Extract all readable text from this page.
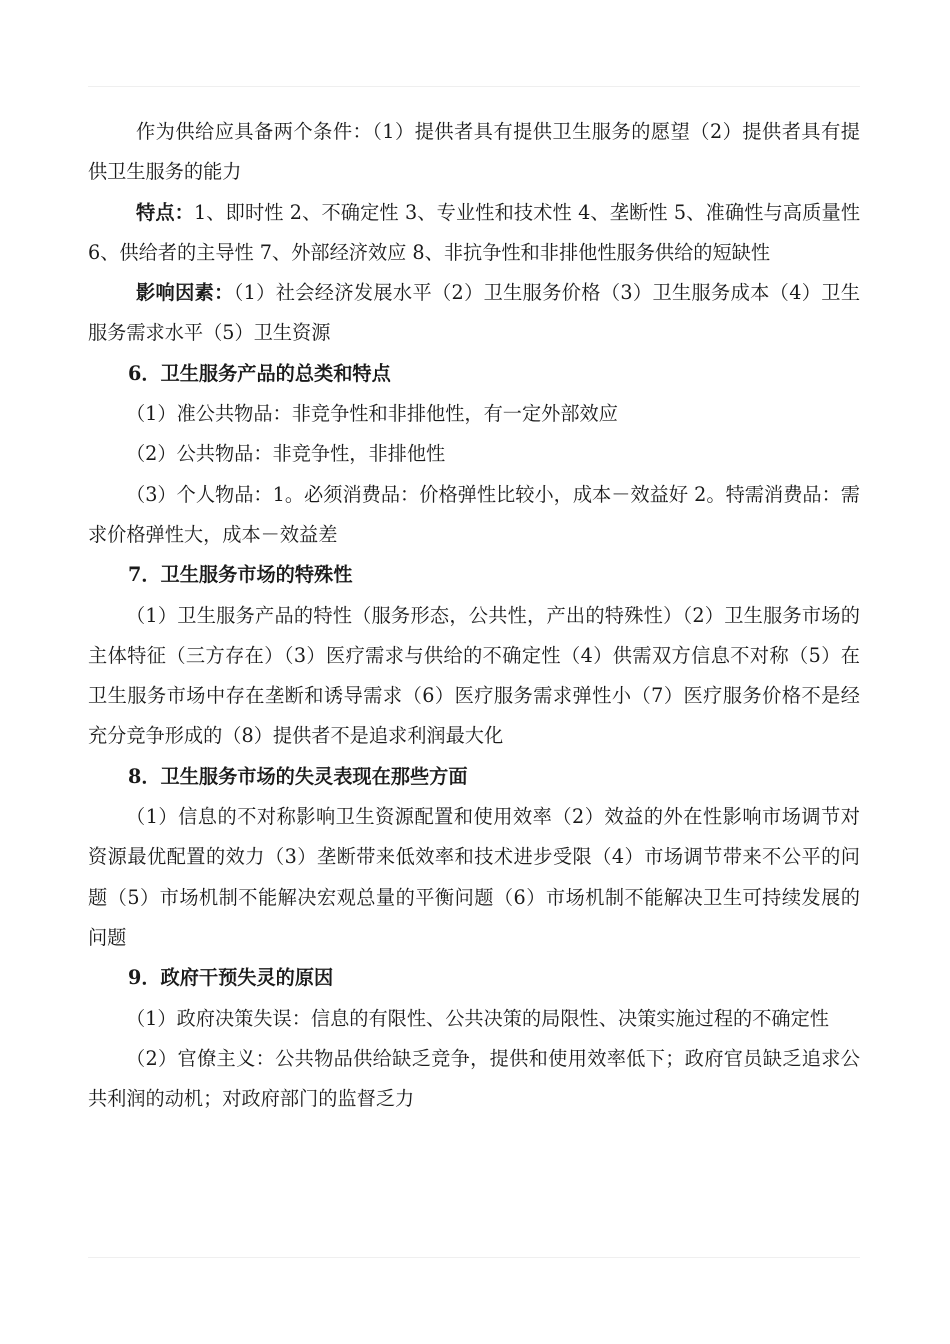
作为供给应具备两个条件：（1）提供者具有提供卫生服务的愿望（2）提供者具有提供卫生服务的能力

特点：1、即时性 2、不确定性 3、专业性和技术性 4、垄断性 5、准确性与高质量性 6、供给者的主导性 7、外部经济效应 8、非抗争性和非排他性服务供给的短缺性

影响因素：（1）社会经济发展水平（2）卫生服务价格（3）卫生服务成本（4）卫生服务需求水平（5）卫生资源

6．卫生服务产品的总类和特点

（1）准公共物品：非竞争性和非排他性，有一定外部效应

（2）公共物品：非竞争性，非排他性

（3）个人物品：1。必须消费品：价格弹性比较小，成本－效益好 2。特需消费品：需求价格弹性大，成本－效益差

7．卫生服务市场的特殊性

（1）卫生服务产品的特性（服务形态，公共性，产出的特殊性）（2）卫生服务市场的主体特征（三方存在）（3）医疗需求与供给的不确定性（4）供需双方信息不对称（5）在卫生服务市场中存在垄断和诱导需求（6）医疗服务需求弹性小（7）医疗服务价格不是经充分竞争形成的（8）提供者不是追求利润最大化

8．卫生服务市场的失灵表现在那些方面

（1）信息的不对称影响卫生资源配置和使用效率（2）效益的外在性影响市场调节对资源最优配置的效力（3）垄断带来低效率和技术进步受限（4）市场调节带来不公平的问题（5）市场机制不能解决宏观总量的平衡问题（6）市场机制不能解决卫生可持续发展的问题

9．政府干预失灵的原因

（1）政府决策失误：信息的有限性、公共决策的局限性、决策实施过程的不确定性

（2）官僚主义：公共物品供给缺乏竞争，提供和使用效率低下；政府官员缺乏追求公共利润的动机；对政府部门的监督乏力
